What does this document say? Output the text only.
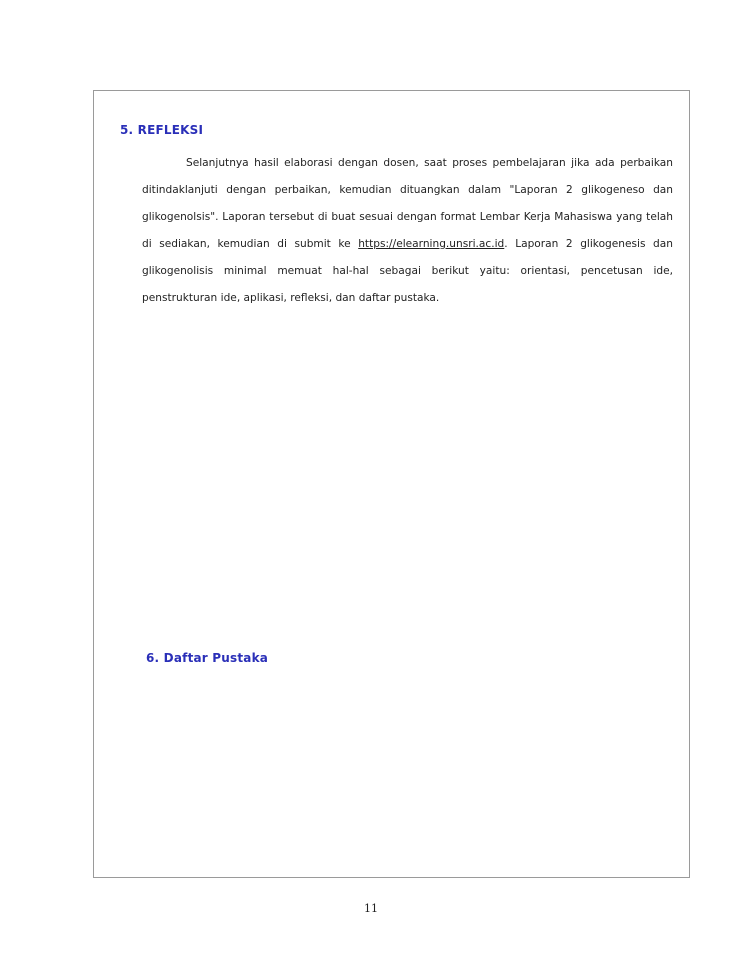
5. REFLEKSI

Selanjutnya hasil elaborasi dengan dosen, saat proses pembelajaran jika ada perbaikan ditindaklanjuti dengan perbaikan, kemudian dituangkan dalam "Laporan 2 glikogeneso dan glikogenolsis". Laporan tersebut di buat sesuai dengan format Lembar Kerja Mahasiswa yang telah di sediakan, kemudian di submit ke https://elearning.unsri.ac.id. Laporan 2 glikogenesis dan glikogenolisis minimal memuat hal-hal sebagai berikut yaitu: orientasi, pencetusan ide, penstrukturan ide, aplikasi, refleksi, dan daftar pustaka.

6. Daftar Pustaka
11
